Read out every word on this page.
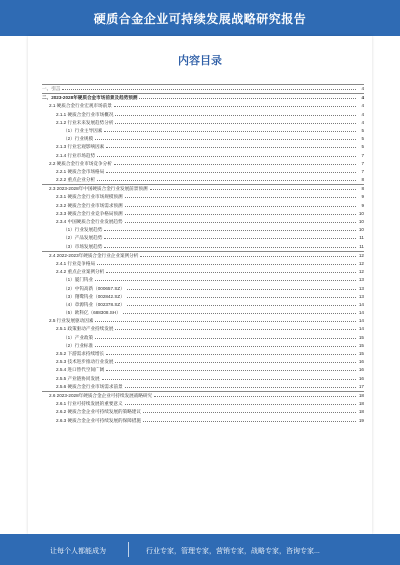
硬质合金企业可持续发展战略研究报告
内容目录
一、引言	4
二、2023-2028年硬质合金市场前景及趋势预测	4
2.1 硬质合金行业宏观市场前景	4
2.1.1 硬质合金行业市场概况	4
2.1.2 行业未来发展趋势分析	4
（1）行业主导因素	5
（2）行业规模	5
2.1.3 行业宏观影响因素	5
2.1.4 行业市场趋势	7
2.2 硬质合金行业市场竞争分析	7
2.2.1 硬质合金市场格局	7
2.2.2 重点企业分析	8
2.3 2023-2028年中国硬质合金行业发展前景预测	8
2.3.1 硬质合金行业市场规模预测	9
2.3.2 硬质合金行业市场需求预测	9
2.3.3 硬质合金行业竞争格局预测	10
2.3.4 中国硬质合金行业发展趋势	10
（1）行业发展趋势	10
（2）产品发展趋势	11
（3）市场发展趋势	11
2.4 2022-2023年硬质合金行业企业案例分析	12
2.4.1 行业竞争格局	12
2.4.2 重点企业案例分析	12
（1）厦门钨业	13
（2）中钨高新（000657.SZ）	13
（3）翔鹭钨业（002842.SZ）	13
（4）章源钨业（002378.SZ）	14
（5）欧科亿（688308.SH）	14
2.5 行业发展驱动因素	14
2.5.1 政策驱动产业持续发展	14
（1）产业政策	15
（2）行业标准	15
2.5.2 下游需求持续增长	15
2.5.3 技术进步推动行业发展	16
2.5.4 进口替代空间广阔	16
2.5.5 产业链协同发展	16
2.5.6 硬质合金行业市场需求前景	17
2.6 2023-2028年硬质合金企业可持续发展战略研究	18
2.6.1 行业可持续发展的重要意义	18
2.6.2 硬质合金企业可持续发展的策略建议	18
2.6.3 硬质合金企业可持续发展的保障措施	19
让每个人都能成为	行业专家，管理专家，营销专家，战略专家，咨询专家...
